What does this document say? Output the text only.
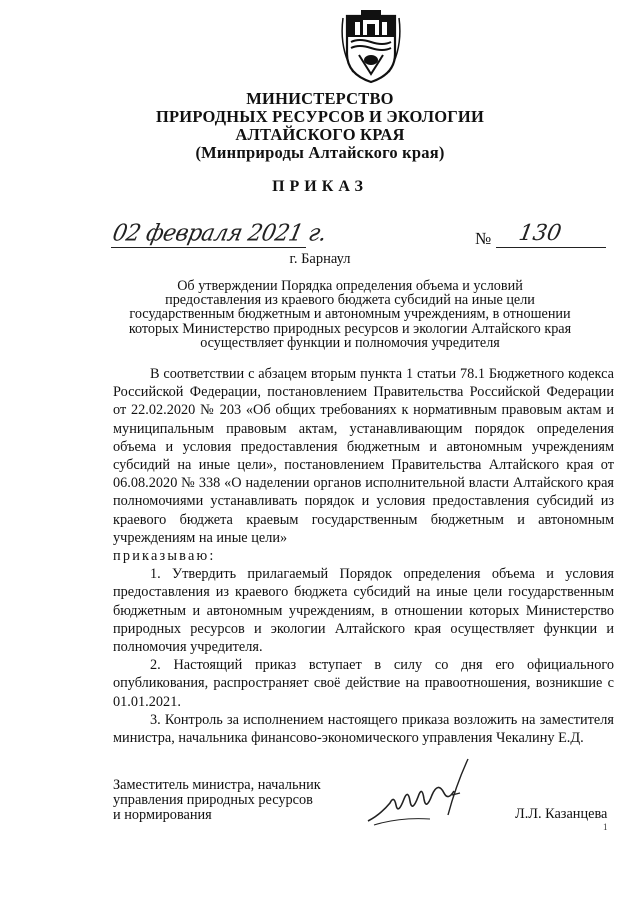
МИНИСТЕРСТВО
ПРИРОДНЫХ РЕСУРСОВ И ЭКОЛОГИИ
АЛТАЙСКОГО КРАЯ
(Минприроды Алтайского края)
ПРИКАЗ
02 февраля 2021 г.	№ 130
г. Барнаул
Об утверждении Порядка определения объема и условий
предоставления из краевого бюджета субсидий на иные цели
государственным бюджетным и автономным учреждениям, в отношении
которых Министерство природных ресурсов и экологии Алтайского края
осуществляет функции и полномочия учредителя

В соответствии с абзацем вторым пункта 1 статьи 78.1 Бюджетного кодекса Российской Федерации, постановлением Правительства Российской Федерации от 22.02.2020 № 203 «Об общих требованиях к нормативным правовым актам и муниципальным правовым актам, устанавливающим порядок определения объема и условия предоставления бюджетным и автономным учреждениям субсидий на иные цели», постановлением Правительства Алтайского края от 06.08.2020 № 338 «О наделении органов исполнительной власти Алтайского края полномочиями устанавливать порядок и условия предоставления субсидий из краевого бюджета краевым государственным бюджетным и автономным учреждениям на иные цели»

приказываю:

1. Утвердить прилагаемый Порядок определения объема и условия предоставления из краевого бюджета субсидий на иные цели государственным бюджетным и автономным учреждениям, в отношении которых Министерство природных ресурсов и экологии Алтайского края осуществляет функции и полномочия учредителя.

2. Настоящий приказ вступает в силу со дня его официального опубликования, распространяет своё действие на правоотношения, возникшие с 01.01.2021.

3. Контроль за исполнением настоящего приказа возложить на заместителя министра, начальника финансово-экономического управления Чекалину Е.Д.

Заместитель министра, начальник
управления природных ресурсов
и нормирования	Л.Л. Казанцева
1
